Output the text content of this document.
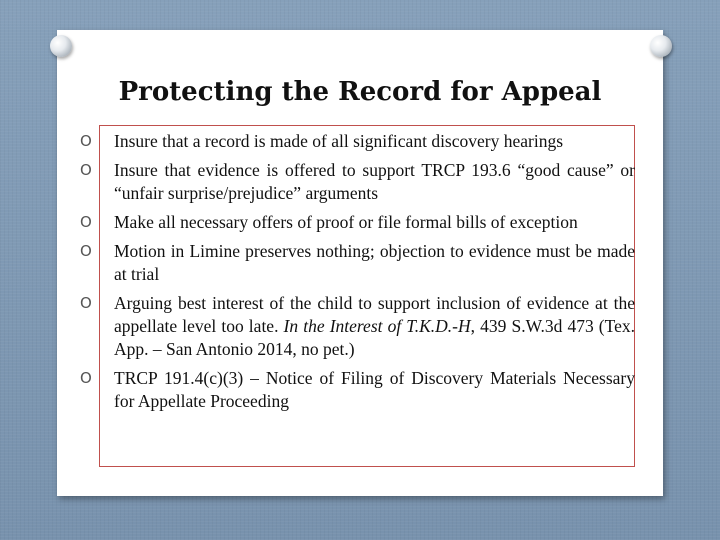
Protecting the Record for Appeal
O Insure that a record is made of all significant discovery hearings
O Insure that evidence is offered to support TRCP 193.6 “good cause” or “unfair surprise/prejudice” arguments
O Make all necessary offers of proof or file formal bills of exception
O Motion in Limine preserves nothing; objection to evidence must be made at trial
O Arguing best interest of the child to support inclusion of evidence at the appellate level too late. In the Interest of T.K.D.-H, 439 S.W.3d 473 (Tex. App. – San Antonio 2014, no pet.)
O TRCP 191.4(c)(3) – Notice of Filing of Discovery Materials Necessary for Appellate Proceeding
